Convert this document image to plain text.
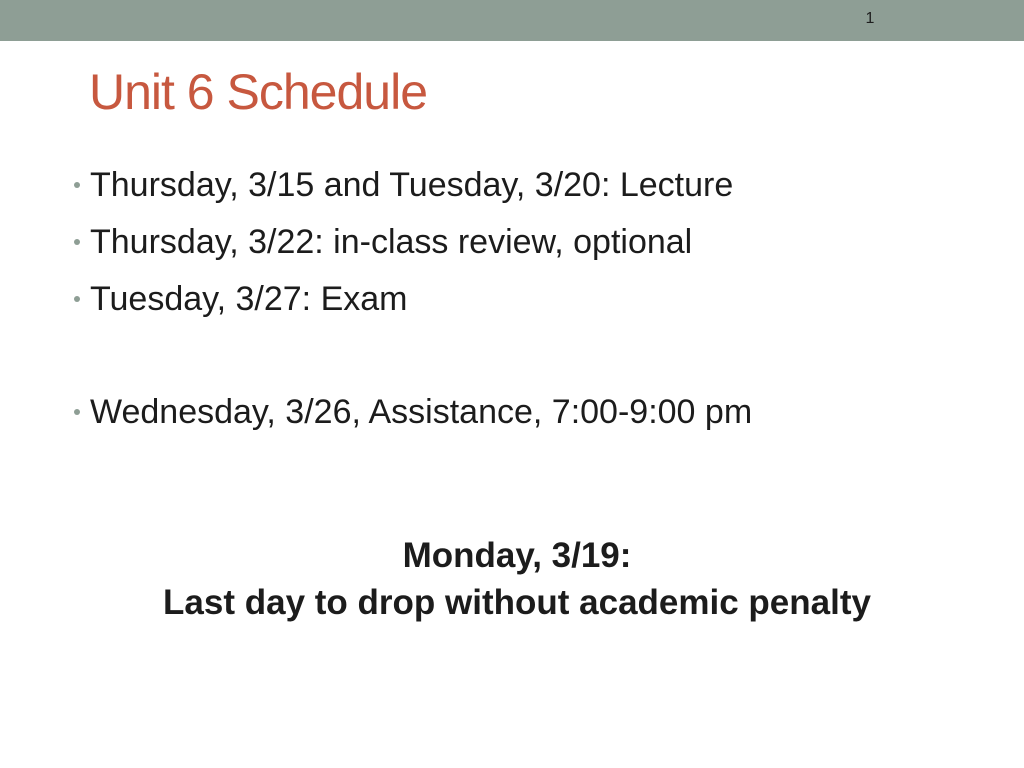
1
Unit 6 Schedule
Thursday, 3/15 and Tuesday, 3/20: Lecture
Thursday, 3/22: in-class review, optional
Tuesday, 3/27: Exam
Wednesday, 3/26, Assistance, 7:00-9:00 pm
Monday, 3/19:
Last day to drop without academic penalty
